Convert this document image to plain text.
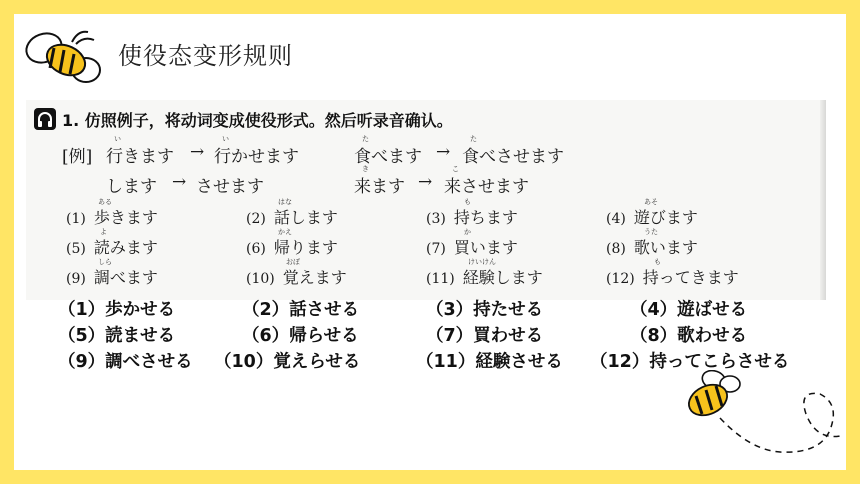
使役态变形规则
1. 仿照例子，将动词变成使役形式。然后听录音确认。
[例]
い
行きます →
い
行かせます
た
食べます →
た
食べさせます
します → させます
き
来ます →
こ
来させます
ある	はな	も	あそ
(1) 歩きます	(2) 話します	(3) 持ちます	(4) 遊びます
よ	かえ	か	うた
(5) 読みます	(6) 帰ります	(7) 買います	(8) 歌います
しら	おぼ	けいけん	も
(9) 調べます	(10) 覚えます	(11) 経験します	(12) 持ってきます
（1）歩かせる	（2）話させる	（3）持たせる	（4）遊ばせる
（5）読ませる	（6）帰らせる	（7）買わせる	（8）歌わせる
（9）調べさせる （10）覚えらせる	（11）経験させる （12）持ってこらさせる
